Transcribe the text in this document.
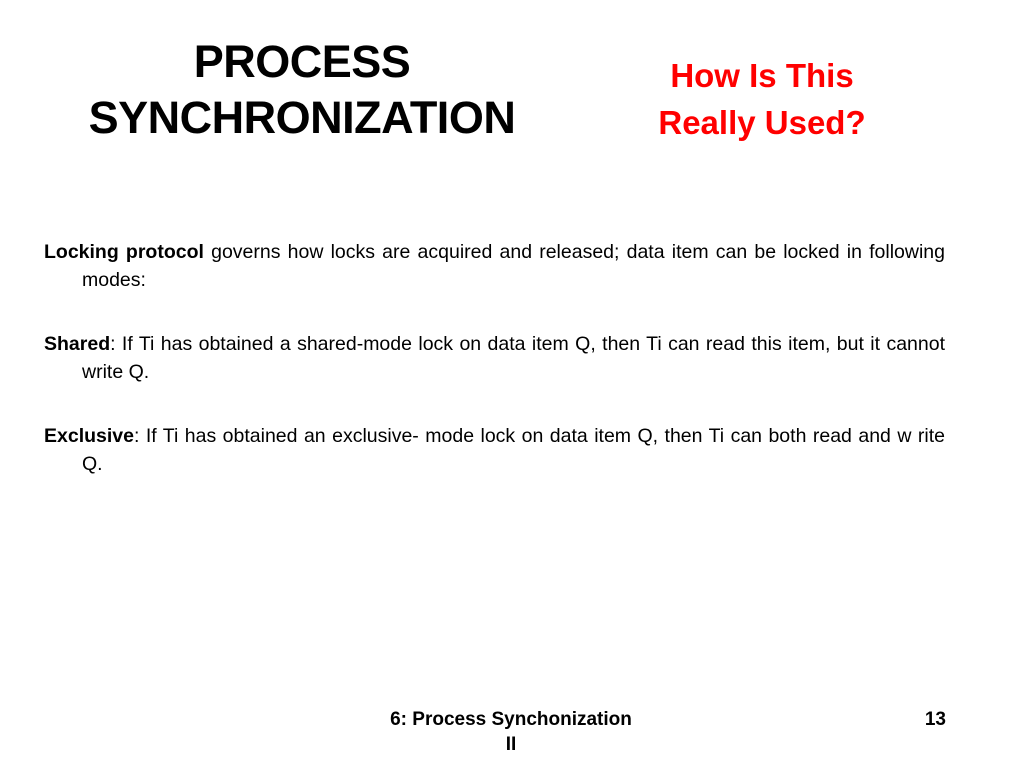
PROCESS
SYNCHRONIZATION
How Is This
Really Used?

Locking protocol governs how locks are acquired and released; data item can be locked in following modes:

Shared: If Ti has obtained a shared-mode lock on data item Q, then Ti can read this item, but it cannot write Q.

Exclusive: If Ti has obtained an exclusive- mode lock on data item Q, then Ti can both read and w rite Q.

6: Process Synchonization
II
13
